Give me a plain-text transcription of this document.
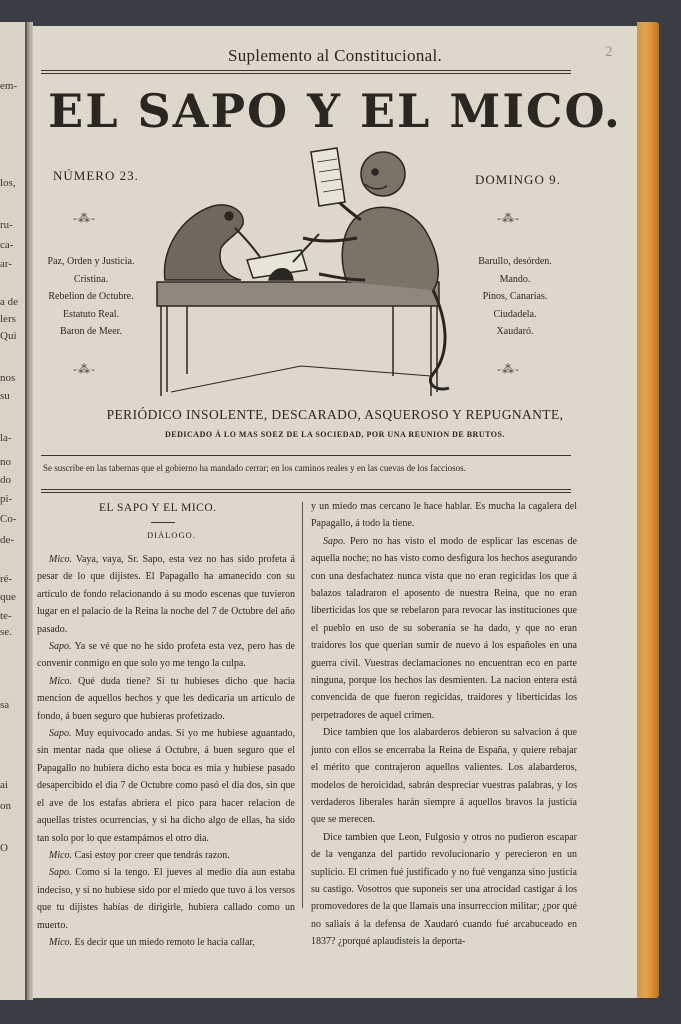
em-
los,
ru-
ca-
ar-
a de
lers
Qui
nos
su
la-
no
do
pi-
Co-
de-
ré-
que
te-
se.
sa
ai
on
O
Suplemento al Constitucional.	2
EL SAPO Y EL MICO.
NÚMERO 23.	DOMINGO 9.
-⁂-	-⁂-
Paz, Orden y Justicia.
Cristina.
Rebelion de Octubre.
Estatuto Real.
Baron de Meer.
Barullo, desórden.
Mando.
Pinos, Canarias.
Ciudadela.
Xaudaró.
-⁂-	-⁂-
PERIÓDICO INSOLENTE, DESCARADO, ASQUEROSO Y REPUGNANTE,
DEDICADO Á LO MAS SOEZ DE LA SOCIEDAD, POR UNA REUNION DE BRUTOS.
Se suscribe en las tabernas que el gobierno ha mandado cerrar; en los caminos reales y en las cuevas de los facciosos.
EL SAPO Y EL MICO.
DIÁLOGO.

Mico. Vaya, vaya, Sr. Sapo, esta vez no has sido profeta á pesar de lo que dijistes. El Papagallo ha amanecido con su artículo de fondo relacionando á su modo escenas que tuvieron lugar en el palacio de la Reina la noche del 7 de Octubre del año pasado.

Sapo. Ya se vé que no he sido profeta esta vez, pero has de convenir conmigo en que solo yo me tengo la culpa.

Mico. Qué duda tiene? Si tu hubieses dicho que hacia mencion de aquellos hechos y que les dedicaria un artículo de fondo, á buen seguro que hubieras profetizado.

Sapo. Muy equivocado andas. Si yo me hubiese aguantado, sin mentar nada que oliese á Octubre, á buen seguro que el Papagallo no hubiera dicho esta boca es mia y hubiese pasado desapercibido el dia 7 de Octubre como pasó el dia dos, sin que el ave de los estafas abriera el pico para hacer relacion de aquellas tristes ocurrencias, y si ha dicho algo de ellas, ha sido tan solo por lo que estampámos el otro dia.

Mico. Casi estoy por creer que tendrás razon.

Sapo. Como si la tengo. El jueves al medio dia aun estaba indeciso, y si no hubiese sido por el miedo que tuvo á los versos que tu dijistes habías de dirigirle, hubiera callado como un muerto.

Mico. Es decir que un miedo remoto le hacia callar,

y un miedo mas cercano le hace hablar. Es mucha la cagalera del Papagallo, á todo la tiene.

Sapo. Pero no has visto el modo de esplicar las escenas de aquella noche; no has visto como desfigura los hechos asegurando con una desfachatez nunca vista que no eran regicidas los que á balazos taladraron el aposento de nuestra Reina, que no eran liberticidas los que se rebelaron para revocar las instituciones que el pueblo en uso de su soberanía se ha dado, y que no eran traidores los que querian sumir de nuevo á los españoles en una guerra civil. Vuestras declamaciones no encuentran eco en parte ninguna, porque los hechos las desmienten. La nacion entera está convencida de que fueron regicidas, traidores y liberticidas los perpetradores de aquel crimen.

Dice tambien que los alabarderos debieron su salvacion á que junto con ellos se encerraba la Reina de España, y quiere rebajar el mérito que contrajeron aquellos valientes. Los alabarderos, modelos de heroicidad, sabrán despreciar vuestras palabras, y los verdaderos liberales harán siempre á aquellos bravos la justicia que se merecen.

Dice tambien que Leon, Fulgosio y otros no pudieron escapar de la venganza del partido revolucionario y perecieron en un suplicio. El crimen fué justificado y no fué venganza sino justicia su castigo. Vosotros que suponeis ser una atrocidad castigar á los promovedores de la que llamais una insurreccion militar; ¿por qué no saliais á la defensa de Xaudaró cuando fué arcabuceado en 1837? ¿porqué aplaudisteis la deporta-
